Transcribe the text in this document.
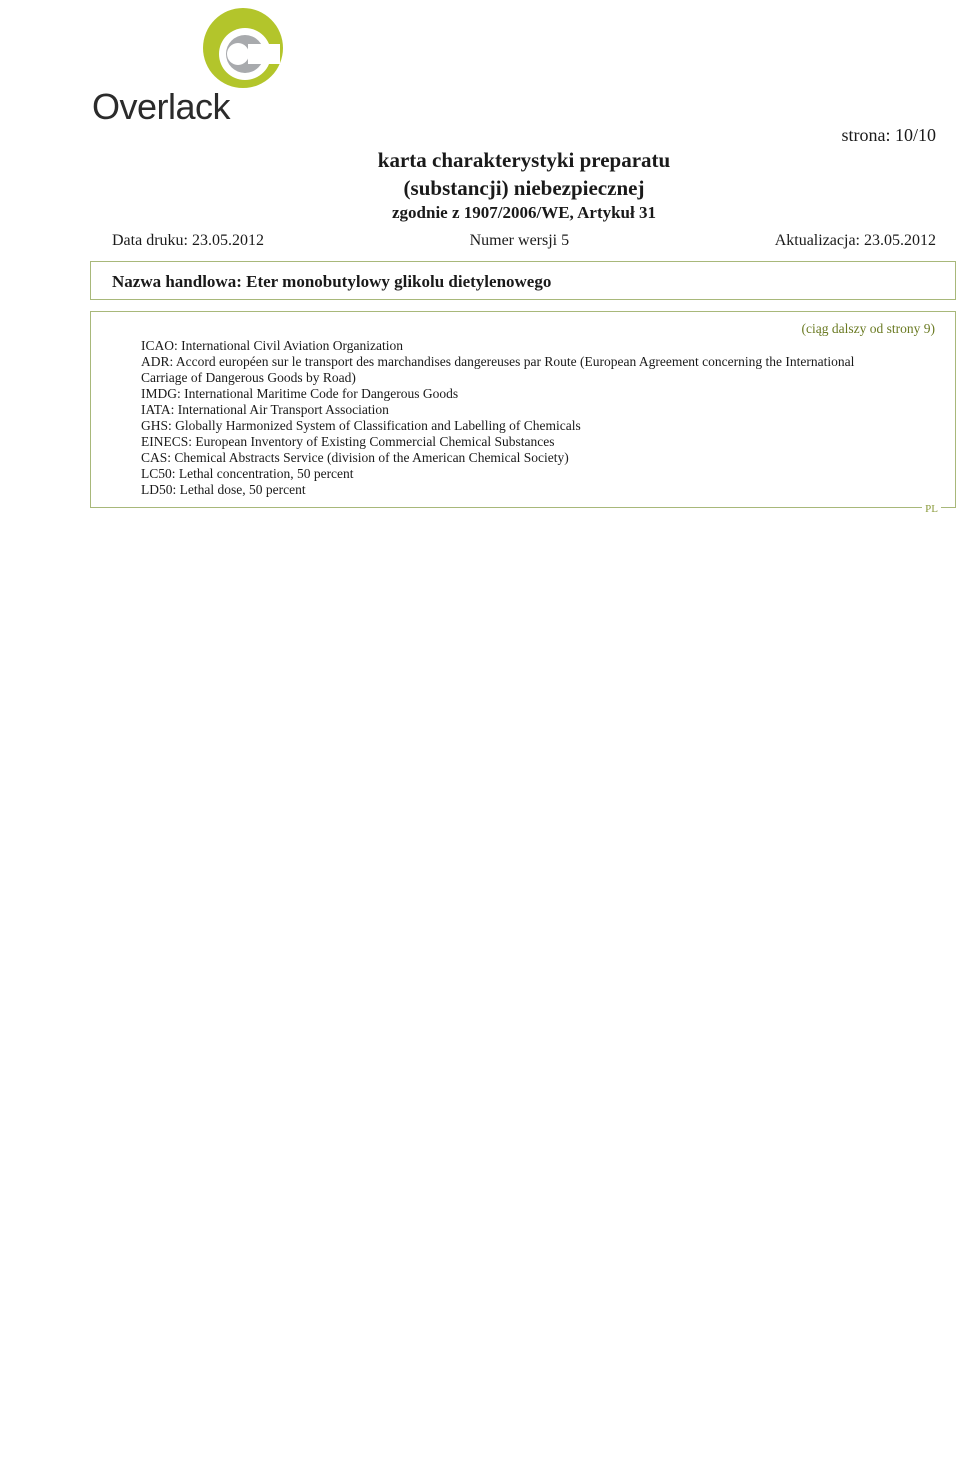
Overlack
strona: 10/10
karta charakterystyki preparatu
(substancji) niebezpiecznej
zgodnie z 1907/2006/WE, Artykuł 31
Data druku: 23.05.2012	Numer wersji 5	Aktualizacja: 23.05.2012
Nazwa handlowa: Eter monobutylowy glikolu dietylenowego
(ciąg dalszy od strony 9)
ICAO: International Civil Aviation Organization
ADR: Accord européen sur le transport des marchandises dangereuses par Route (European Agreement concerning the International Carriage of Dangerous Goods by Road)
IMDG: International Maritime Code for Dangerous Goods
IATA: International Air Transport Association
GHS: Globally Harmonized System of Classification and Labelling of Chemicals
EINECS: European Inventory of Existing Commercial Chemical Substances
CAS: Chemical Abstracts Service (division of the American Chemical Society)
LC50: Lethal concentration, 50 percent
LD50: Lethal dose, 50 percent
PL
